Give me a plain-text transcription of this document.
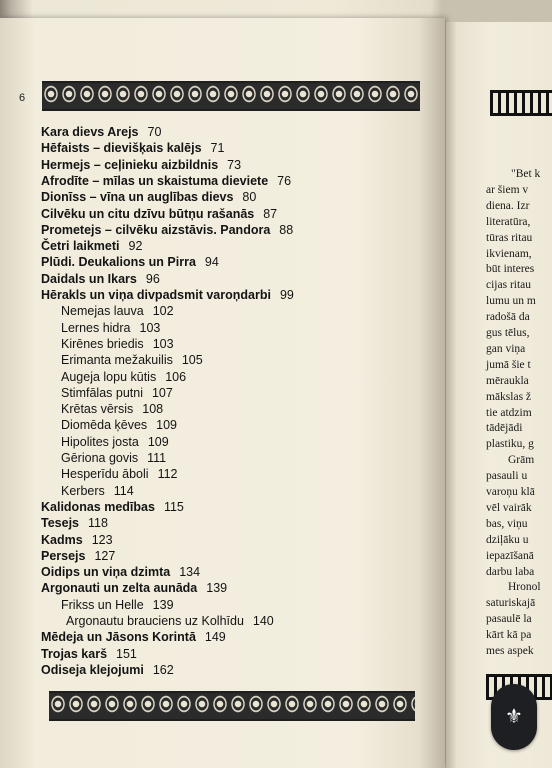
"Bet k
ar šiem v
diena. Izr
literatūra,
tūras ritau
ikvienam,
būt interes
cijas ritau
lumu un m
radošā da
gus tēlus,
gan viņa
jumā šie t
mēraukla
mākslas ž
tie atdzim
tādējādi
plastiku, g
Grām
pasauli u
varoņu klā
vēl vairāk
bas, viņu
dziļāku u
iepazīšanā
darbu laba
Hronol
saturiskajā
pasaulē la
kārt kā pa
mes aspek
6
Kara dievs Arejs 70
Hēfaists – dievišķais kalējs 71
Hermejs – ceļinieku aizbildnis 73
Afrodīte – mīlas un skaistuma dieviete 76
Dionīss – vīna un auglības dievs 80
Cilvēku un citu dzīvu būtņu rašanās 87
Prometejs – cilvēku aizstāvis. Pandora 88
Četri laikmeti 92
Plūdi. Deukalions un Pirra 94
Daidals un Ikars 96
Hērakls un viņa divpadsmit varoņdarbi 99
Nemejas lauva 102
Lernes hidra 103
Kirēnes briedis 103
Erimanta mežakuilis 105
Augeja lopu kūtis 106
Stimfālas putni 107
Krētas vērsis 108
Diomēda ķēves 109
Hipolites josta 109
Gēriona govis 111
Hesperīdu āboli 112
Kerbers 114
Kalidonas medības 115
Tesejs 118
Kadms 123
Persejs 127
Oidips un viņa dzimta 134
Argonauti un zelta aunāda 139
Frikss un Helle 139
Argonautu brauciens uz Kolhīdu 140
Mēdeja un Jāsons Korintā 149
Trojas karš 151
Odiseja klejojumi 162
⚜
